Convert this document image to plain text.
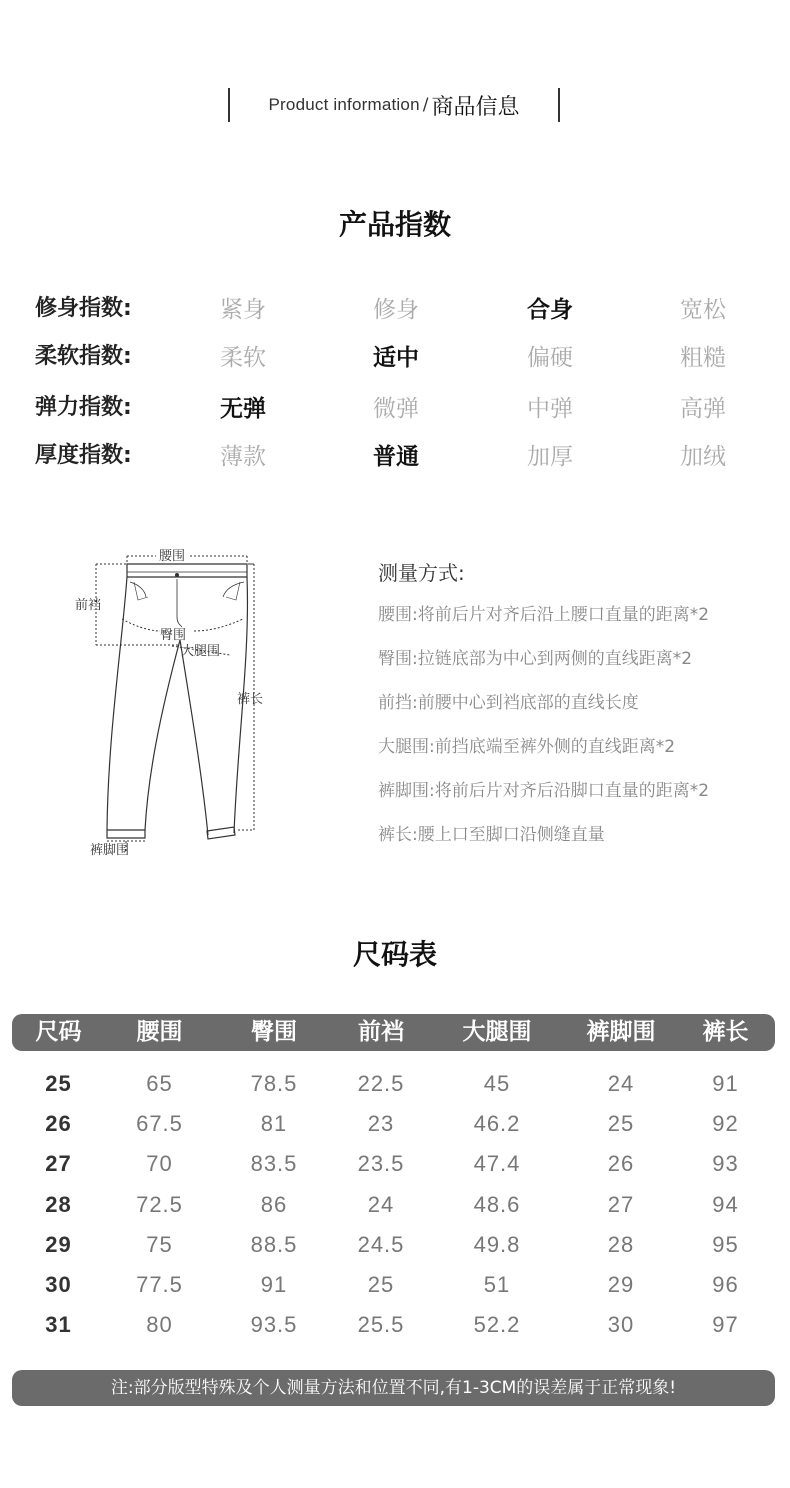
Product information / 商品信息
产品指数
修身指数:	紧身	修身	合身	宽松
柔软指数:	柔软	适中	偏硬	粗糙
弹力指数:	无弹	微弹	中弹	高弹
厚度指数:	薄款	普通	加厚	加绒
腰围
前裆
臀围
大腿围
裤长
裤脚围
测量方式:
腰围:将前后片对齐后沿上腰口直量的距离*2
臀围:拉链底部为中心到两侧的直线距离*2
前挡:前腰中心到裆底部的直线长度
大腿围:前挡底端至裤外侧的直线距离*2
裤脚围:将前后片对齐后沿脚口直量的距离*2
裤长:腰上口至脚口沿侧缝直量
尺码表
尺码	腰围	臀围	前裆	大腿围	裤脚围	裤长
25	65	78.5	22.5	45	24	91
26	67.5	81	23	46.2	25	92
27	70	83.5	23.5	47.4	26	93
28	72.5	86	24	48.6	27	94
29	75	88.5	24.5	49.8	28	95
30	77.5	91	25	51	29	96
31	80	93.5	25.5	52.2	30	97
注:部分版型特殊及个人测量方法和位置不同,有1-3CM的误差属于正常现象!
